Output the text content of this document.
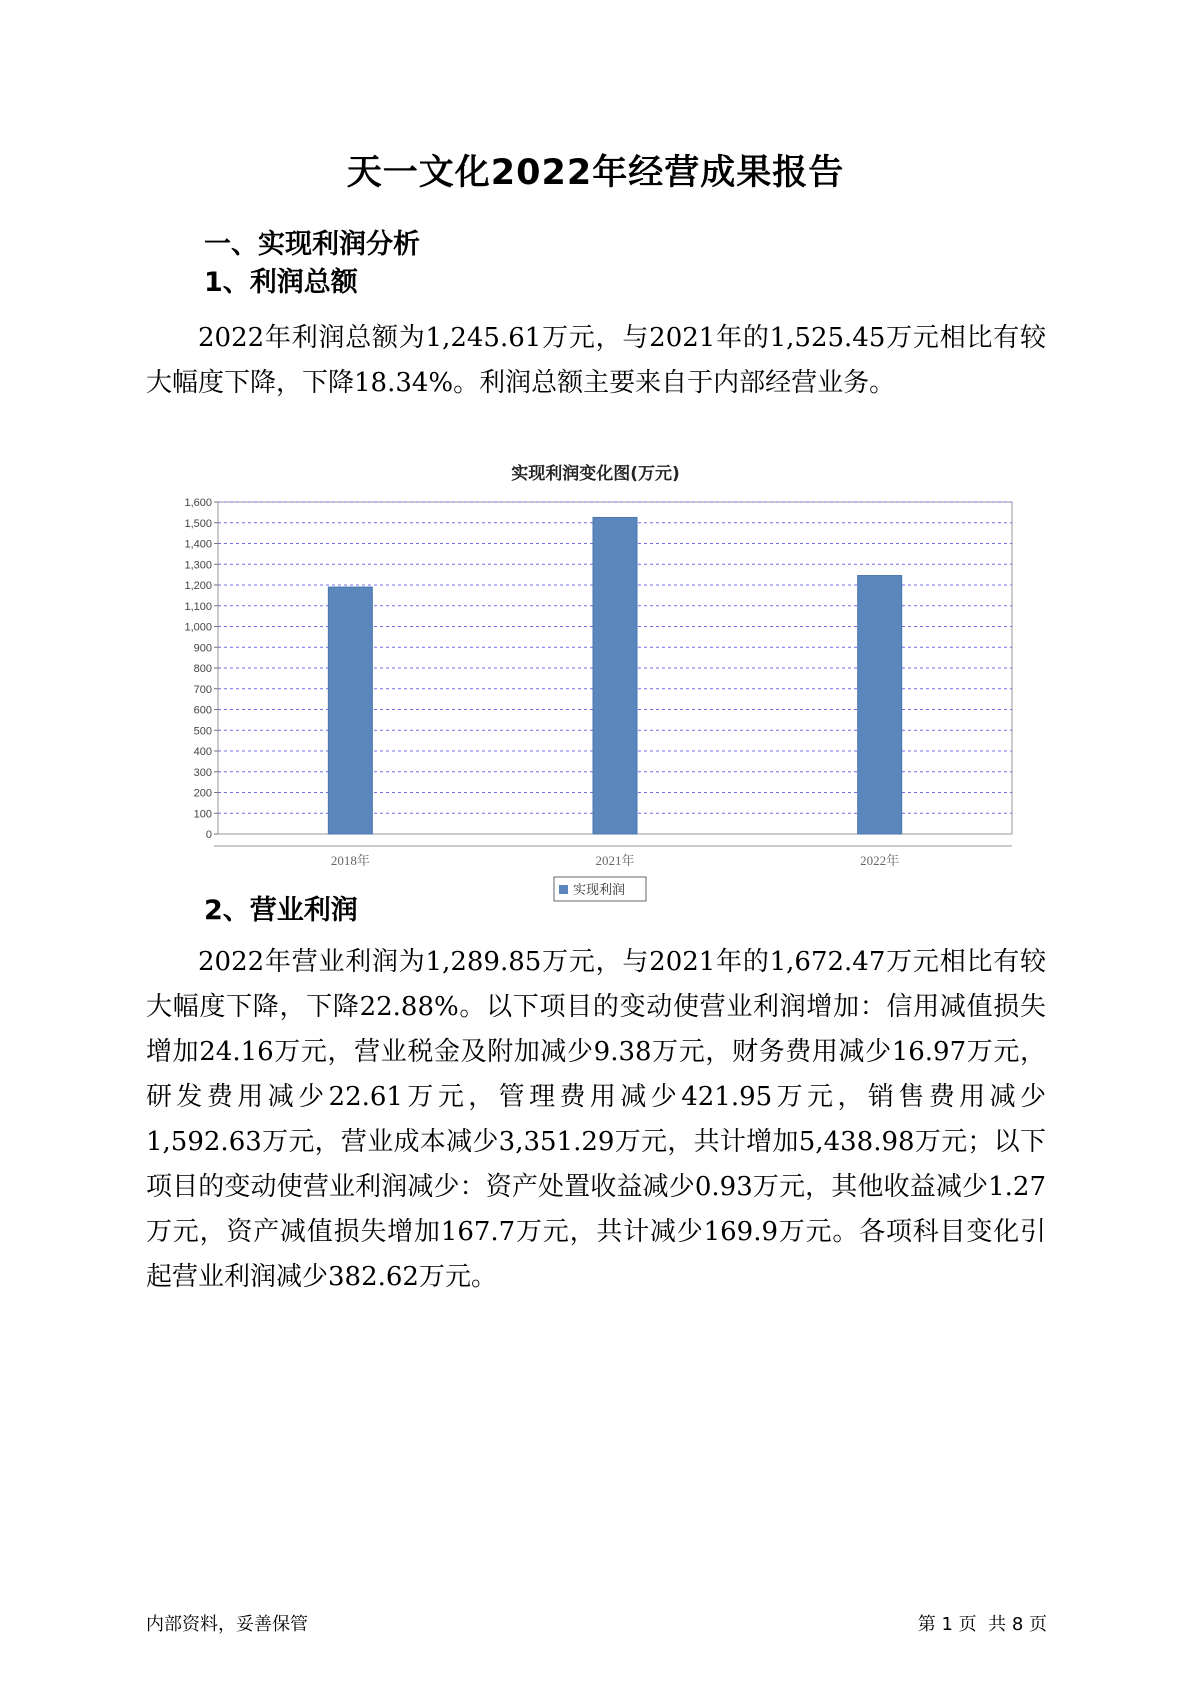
天一文化2022年经营成果报告
一、实现利润分析
1、利润总额

2022年利润总额为1,245.61万元，与2021年的1,525.45万元相比有较大幅度下降，下降18.34%。利润总额主要来自于内部经营业务。

实现利润变化图(万元)
0
100
200
300
400
500
600
700
800
900
1,000
1,100
1,200
1,300
1,400
1,500
1,600
2018年	2021年	2022年
实现利润
2、营业利润

2022年营业利润为1,289.85万元，与2021年的1,672.47万元相比有较大幅度下降，下降22.88%。以下项目的变动使营业利润增加：信用减值损失增加24.16万元，营业税金及附加减少9.38万元，财务费用减少16.97万元，研发费用减少22.61万元，管理费用减少421.95万元，销售费用减少1,592.63万元，营业成本减少3,351.29万元，共计增加5,438.98万元；以下项目的变动使营业利润减少：资产处置收益减少0.93万元，其他收益减少1.27万元，资产减值损失增加167.7万元，共计减少169.9万元。各项科目变化引起营业利润减少382.62万元。

内部资料，妥善保管	第 1 页  共 8 页
